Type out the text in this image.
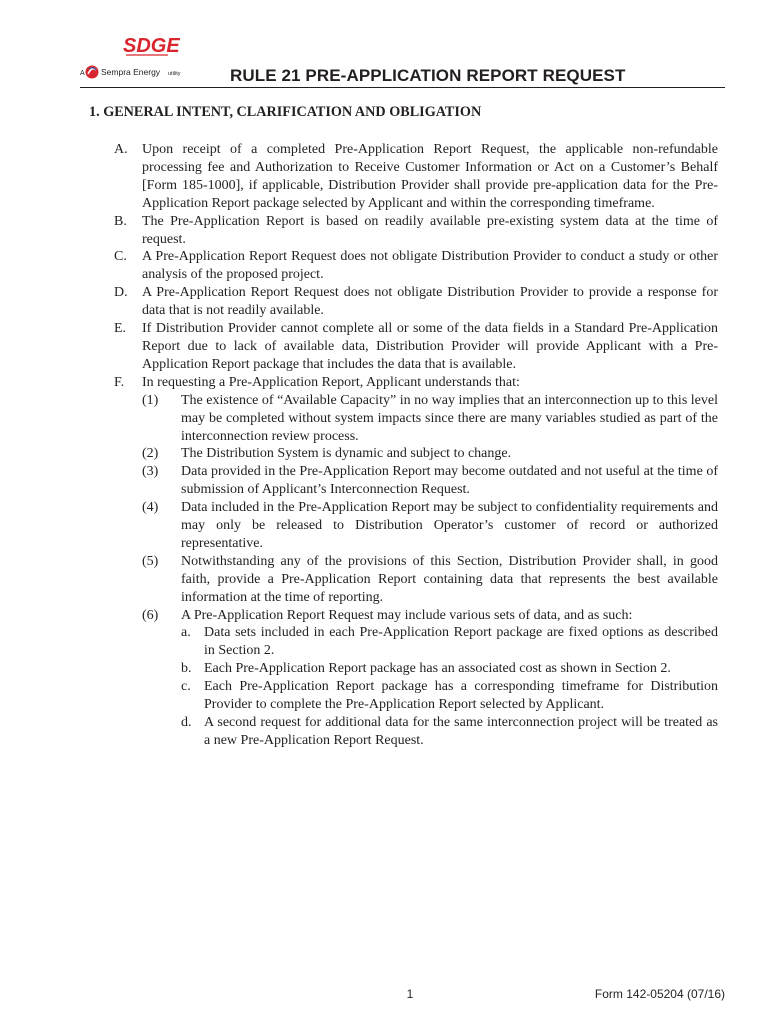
SDGE
A Sempra Energy utility	RULE 21 PRE-APPLICATION REPORT REQUEST
1. GENERAL INTENT, CLARIFICATION AND OBLIGATION
A. Upon receipt of a completed Pre-Application Report Request, the applicable non-refundable processing fee and Authorization to Receive Customer Information or Act on a Customer’s Behalf [Form 185-1000], if applicable, Distribution Provider shall provide pre-application data for the Pre-Application Report package selected by Applicant and within the corresponding timeframe.
B. The Pre-Application Report is based on readily available pre-existing system data at the time of request.
C. A Pre-Application Report Request does not obligate Distribution Provider to conduct a study or other analysis of the proposed project.
D. A Pre-Application Report Request does not obligate Distribution Provider to provide a response for data that is not readily available.
E. If Distribution Provider cannot complete all or some of the data fields in a Standard Pre-Application Report due to lack of available data, Distribution Provider will provide Applicant with a Pre-Application Report package that includes the data that is available.
F. In requesting a Pre-Application Report, Applicant understands that:
(1) The existence of “Available Capacity” in no way implies that an interconnection up to this level may be completed without system impacts since there are many variables studied as part of the interconnection review process.
(2) The Distribution System is dynamic and subject to change.
(3) Data provided in the Pre-Application Report may become outdated and not useful at the time of submission of Applicant’s Interconnection Request.
(4) Data included in the Pre-Application Report may be subject to confidentiality requirements and may only be released to Distribution Operator’s customer of record or authorized representative.
(5) Notwithstanding any of the provisions of this Section, Distribution Provider shall, in good faith, provide a Pre-Application Report containing data that represents the best available information at the time of reporting.
(6) A Pre-Application Report Request may include various sets of data, and as such:
a. Data sets included in each Pre-Application Report package are fixed options as described in Section 2.
b. Each Pre-Application Report package has an associated cost as shown in Section 2.
c. Each Pre-Application Report package has a corresponding timeframe for Distribution Provider to complete the Pre-Application Report selected by Applicant.
d. A second request for additional data for the same interconnection project will be treated as a new Pre-Application Report Request.
1	Form 142-05204 (07/16)
